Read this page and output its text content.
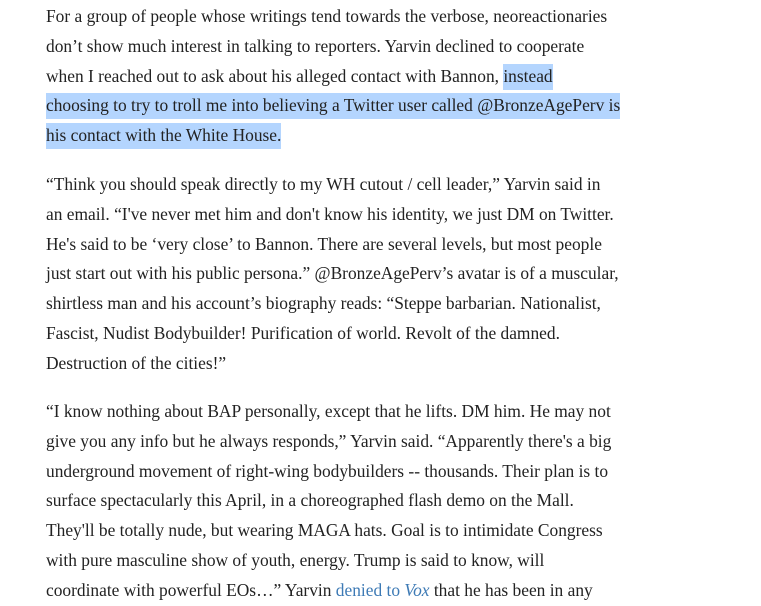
For a group of people whose writings tend towards the verbose, neoreactionaries
don’t show much interest in talking to reporters. Yarvin declined to cooperate
when I reached out to ask about his alleged contact with Bannon, instead
choosing to try to troll me into believing a Twitter user called @BronzeAgePerv is
his contact with the White House.
“Think you should speak directly to my WH cutout / cell leader,” Yarvin said in
an email. “I've never met him and don't know his identity, we just DM on Twitter.
He's said to be ‘very close’ to Bannon. There are several levels, but most people
just start out with his public persona.” @BronzeAgePerv’s avatar is of a muscular,
shirtless man and his account’s biography reads: “Steppe barbarian. Nationalist,
Fascist, Nudist Bodybuilder! Purification of world. Revolt of the damned.
Destruction of the cities!”
“I know nothing about BAP personally, except that he lifts. DM him. He may not
give you any info but he always responds,” Yarvin said. “Apparently there's a big
underground movement of right-wing bodybuilders -- thousands. Their plan is to
surface spectacularly this April, in a choreographed flash demo on the Mall.
They'll be totally nude, but wearing MAGA hats. Goal is to intimidate Congress
with pure masculine show of youth, energy. Trump is said to know, will
coordinate with powerful EOs…” Yarvin denied to Vox that he has been in any
